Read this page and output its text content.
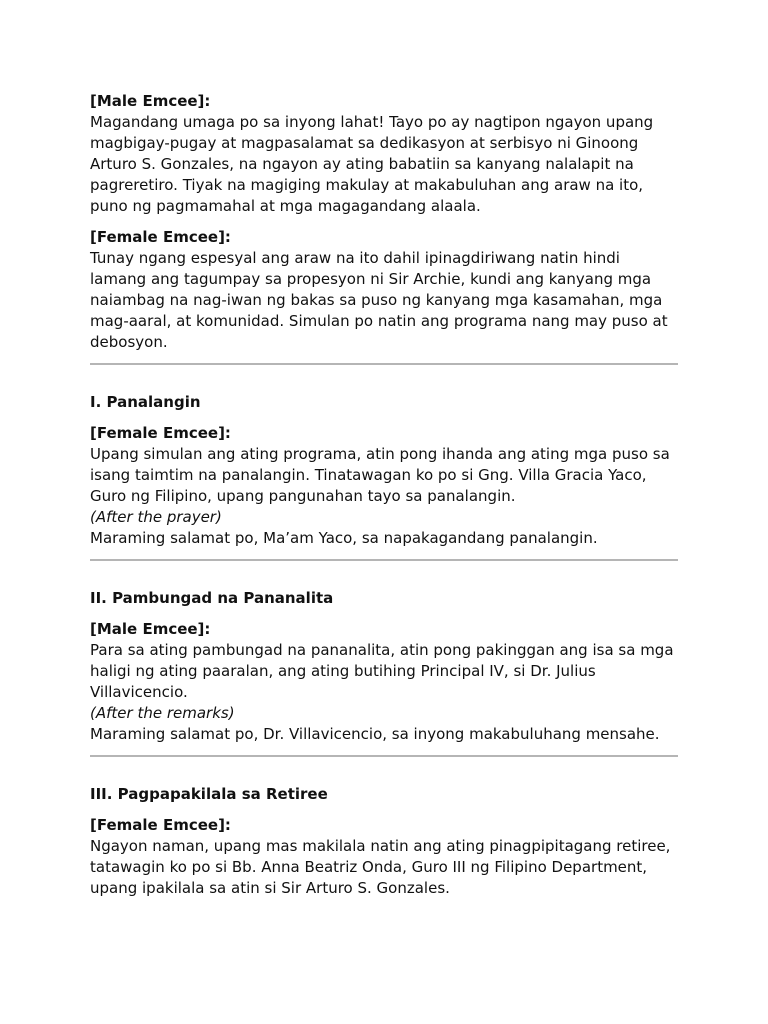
[Male Emcee]:

Magandang umaga po sa inyong lahat! Tayo po ay nagtipon ngayon upang magbigay-pugay at magpasalamat sa dedikasyon at serbisyo ni Ginoong Arturo S. Gonzales, na ngayon ay ating babatiin sa kanyang nalalapit na pagreretiro. Tiyak na magiging makulay at makabuluhan ang araw na ito, puno ng pagmamahal at mga magagandang alaala.

[Female Emcee]:

Tunay ngang espesyal ang araw na ito dahil ipinagdiriwang natin hindi lamang ang tagumpay sa propesyon ni Sir Archie, kundi ang kanyang mga naiambag na nag-iwan ng bakas sa puso ng kanyang mga kasamahan, mga mag-aaral, at komunidad. Simulan po natin ang programa nang may puso at debosyon.

I. Panalangin

[Female Emcee]:

Upang simulan ang ating programa, atin pong ihanda ang ating mga puso sa isang taimtim na panalangin. Tinatawagan ko po si Gng. Villa Gracia Yaco, Guro ng Filipino, upang pangunahan tayo sa panalangin.

(After the prayer)

Maraming salamat po, Ma’am Yaco, sa napakagandang panalangin.

II. Pambungad na Pananalita

[Male Emcee]:

Para sa ating pambungad na pananalita, atin pong pakinggan ang isa sa mga haligi ng ating paaralan, ang ating butihing Principal IV, si Dr. Julius Villavicencio.

(After the remarks)

Maraming salamat po, Dr. Villavicencio, sa inyong makabuluhang mensahe.

III. Pagpapakilala sa Retiree

[Female Emcee]:

Ngayon naman, upang mas makilala natin ang ating pinagpipitagang retiree, tatawagin ko po si Bb. Anna Beatriz Onda, Guro III ng Filipino Department, upang ipakilala sa atin si Sir Arturo S. Gonzales.
